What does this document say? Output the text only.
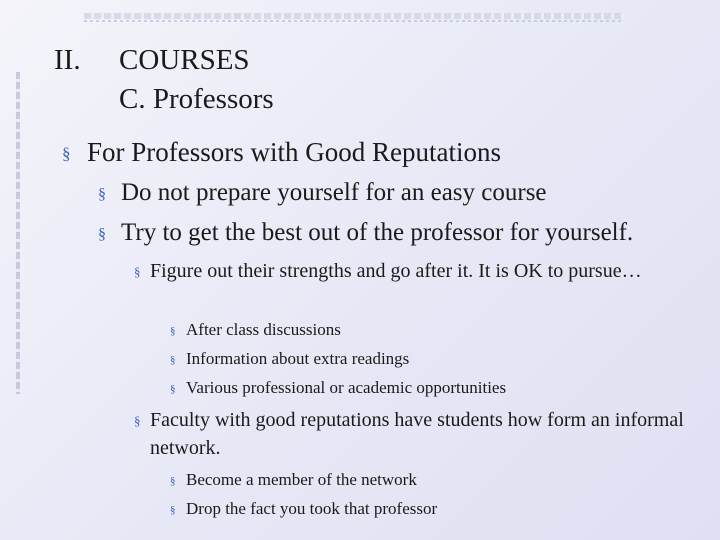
II. COURSES
C. Professors
§ For Professors with Good Reputations
§ Do not prepare yourself for an easy course
§ Try to get the best out of the professor for yourself.
§ Figure out their strengths and go after it. It is OK to pursue…
§ After class discussions
§ Information about extra readings
§ Various professional or academic opportunities
§ Faculty with good reputations have students how form an informal network.
§ Become a member of the network
§ Drop the fact you took that professor
